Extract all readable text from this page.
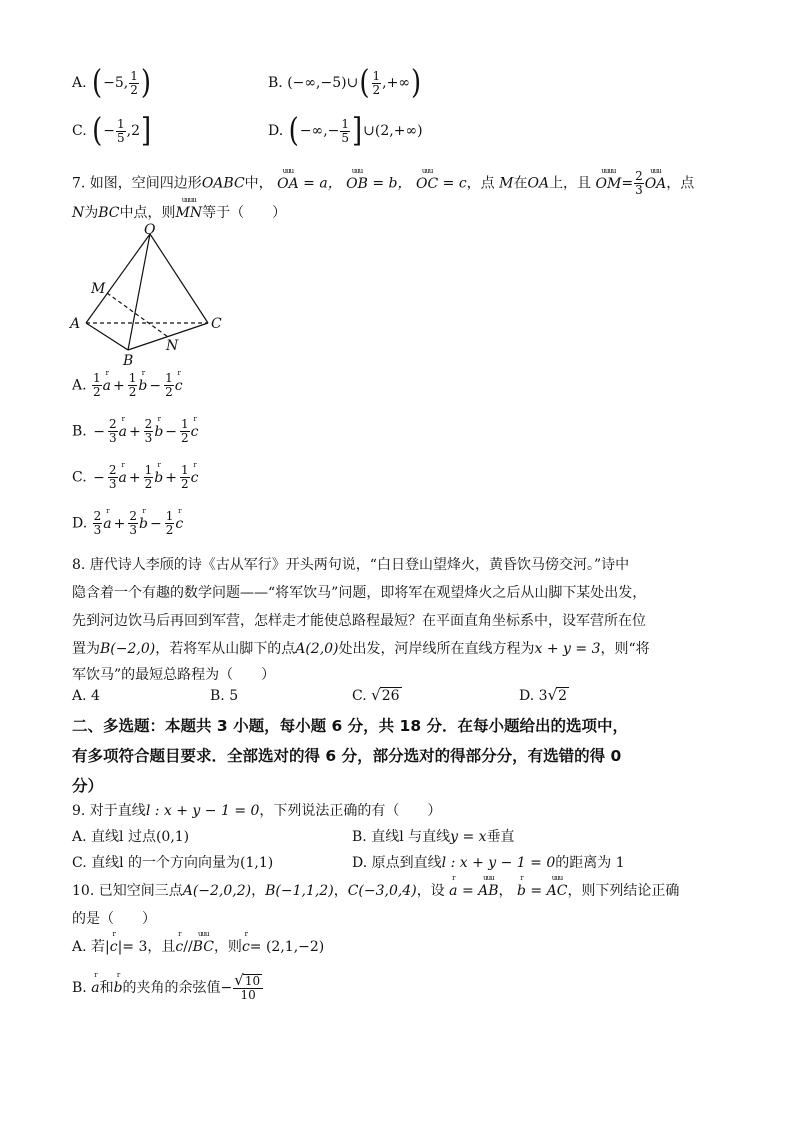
A. (−5, $\frac{1}{2}$ )	B. (−∞,−5)∪( $\frac{1}{2}$ ,+∞)
C. (− $\frac{1}{5} ,2$]	D. (−∞,− $\frac{1}{5}$ ]∪(2,+∞)
7. 如图，空间四边形OABC中，
uuu
OA = a，
uuu
OB = b，
uuu
OC = c，点 M在OA上，且
uuuu
$OM= \frac{2}{3}$ uuu
OA，点
N为BC中点，则
uuuu
MN等于（　　）
O
M
A
B
C
N
A. $\frac{1}{2}$ r
$a + \frac{1}{2}$ r
$b - \frac{1}{2}$ r
c
B. − $\frac{2}{3}$ r
$a + \frac{2}{3}$ r
$b - \frac{1}{2}$ r
c
C. − $\frac{2}{3}$ r
$a + \frac{1}{2}$ r
$b + \frac{1}{2}$ r
c
D. $\frac{2}{3}$ r
$a + \frac{2}{3}$ r
$b - \frac{1}{2}$ r
c
8. 唐代诗人李颀的诗《古从军行》开头两句说，“白日登山望烽火，黄昏饮马傍交河。”诗中
隐含着一个有趣的数学问题——“将军饮马”问题，即将军在观望烽火之后从山脚下某处出发，
先到河边饮马后再回到军营，怎样走才能使总路程最短？在平面直角坐标系中，设军营所在位
置为B(−2,0)，若将军从山脚下的点A(2,0)处出发，河岸线所在直线方程为x + y = 3，则“将
军饮马”的最短总路程为（　　）
A. 4	B. 5	C. √26	D. 3√2
二、多选题：本题共 3 小题，每小题 6 分，共 18 分．在每小题给出的选项中，
有多项符合题目要求．全部选对的得 6 分，部分选对的得部分分，有选错的得 0
分）
9. 对于直线l : x + y − 1 = 0，下列说法正确的有（　　）
A. 直线l 过点(0,1)	B. 直线l 与直线y = x垂直
C. 直线l 的一个方向向量为(1,1)	D. 原点到直线l : x + y − 1 = 0的距离为 1
10. 已知空间三点A(−2,0,2)，B(−1,1,2)，C(−3,0,4)，设
r
a =
uuu
AB，
r
b =
uuu
AC，则下列结论正确
的是（　　）
A. 若|
r
c|= 3，且
r
c//
uuu
BC，则
r
c= (2,1,−2)
B.
r
a和
r
b的夹角的余弦值− $\frac{√10}{10}$
